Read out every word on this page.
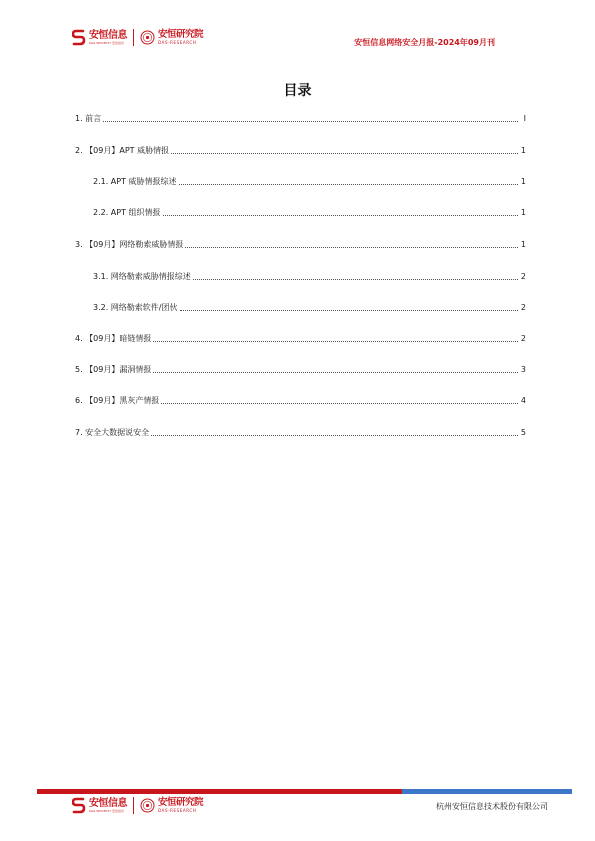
安恒信息
DAS-SECURITY 安恒信息
安恒研究院
DAS-RESEARCH	安恒信息网络安全月报-2024年09月刊
目录
1. 前言	I
2. 【09月】APT 威胁情报	1
2.1. APT 威胁情报综述	1
2.2. APT 组织情报	1
3. 【09月】网络勒索威胁情报	1
3.1. 网络勒索威胁情报综述	2
3.2. 网络勒索软件/团伙	2
4. 【09月】暗链情报	2
5. 【09月】漏洞情报	3
6. 【09月】黑灰产情报	4
7. 安全大数据说安全	5
安恒信息
DAS-SECURITY 安恒信息
安恒研究院
DAS-RESEARCH	杭州安恒信息技术股份有限公司
